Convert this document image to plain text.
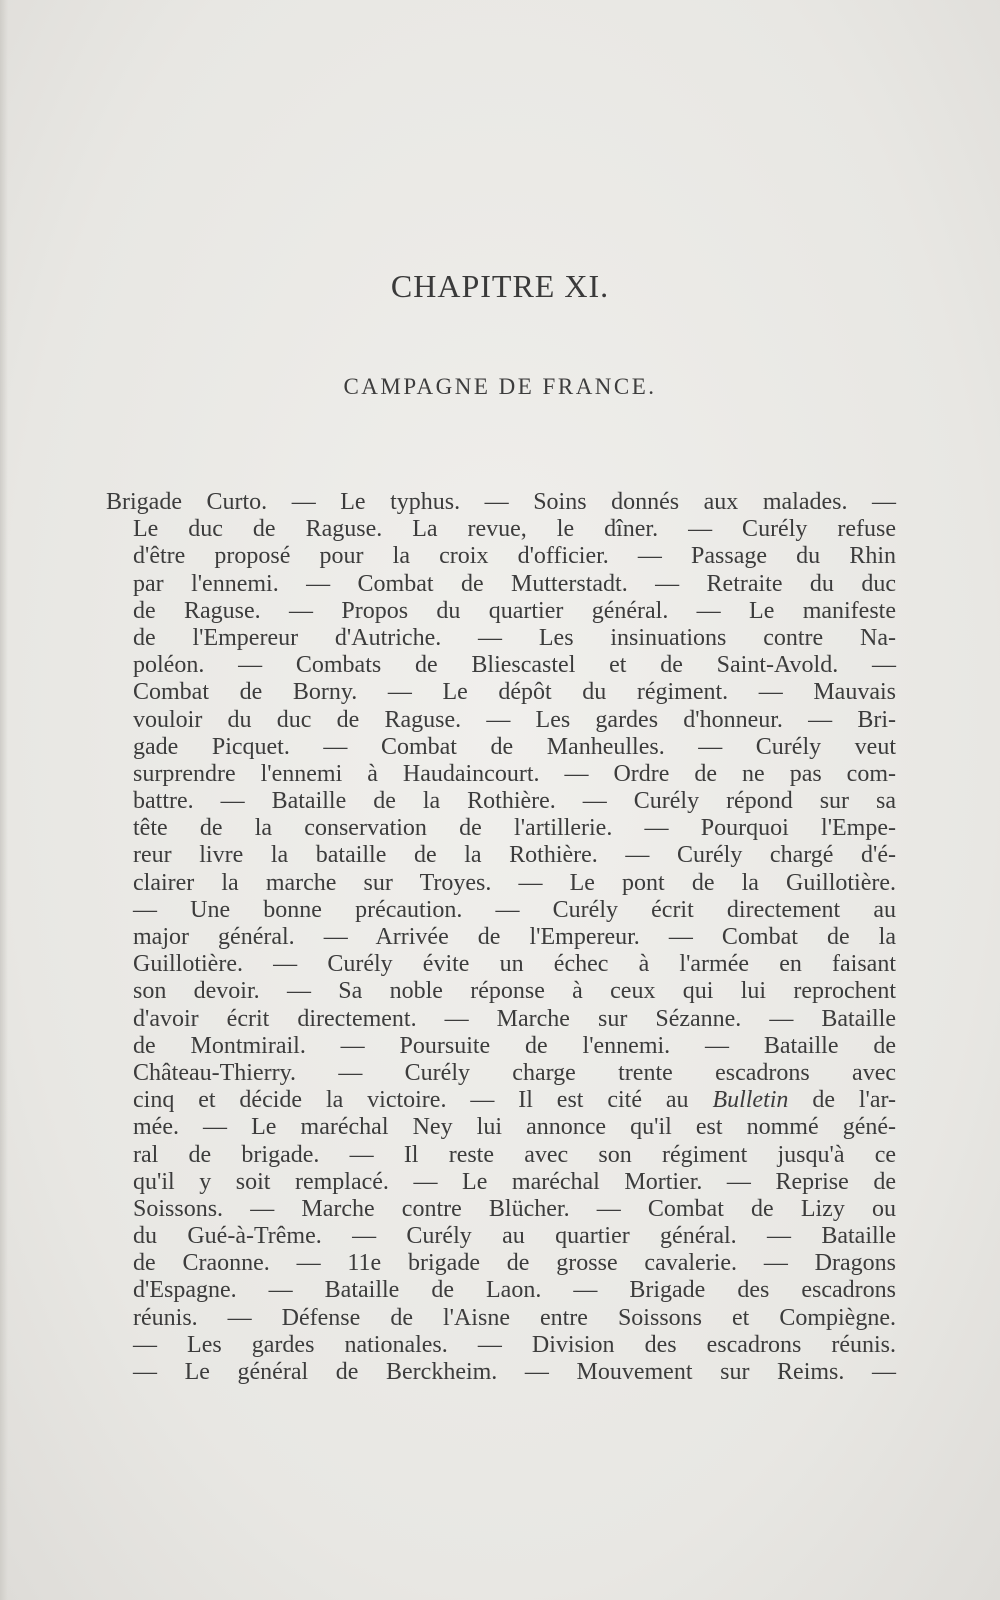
CHAPITRE XI.
CAMPAGNE DE FRANCE.
Brigade Curto. — Le typhus. — Soins donnés aux malades. —
Le duc de Raguse. La revue, le dîner. — Curély refuse
d'être proposé pour la croix d'officier. — Passage du Rhin
par l'ennemi. — Combat de Mutterstadt. — Retraite du duc
de Raguse. — Propos du quartier général. — Le manifeste
de l'Empereur d'Autriche. — Les insinuations contre Na-
poléon. — Combats de Bliescastel et de Saint-Avold. —
Combat de Borny. — Le dépôt du régiment. — Mauvais
vouloir du duc de Raguse. — Les gardes d'honneur. — Bri-
gade Picquet. — Combat de Manheulles. — Curély veut
surprendre l'ennemi à Haudaincourt. — Ordre de ne pas com-
battre. — Bataille de la Rothière. — Curély répond sur sa
tête de la conservation de l'artillerie. — Pourquoi l'Empe-
reur livre la bataille de la Rothière. — Curély chargé d'é-
clairer la marche sur Troyes. — Le pont de la Guillotière.
— Une bonne précaution. — Curély écrit directement au
major général. — Arrivée de l'Empereur. — Combat de la
Guillotière. — Curély évite un échec à l'armée en faisant
son devoir. — Sa noble réponse à ceux qui lui reprochent
d'avoir écrit directement. — Marche sur Sézanne. — Bataille
de Montmirail. — Poursuite de l'ennemi. — Bataille de
Château-Thierry. — Curély charge trente escadrons avec
cinq et décide la victoire. — Il est cité au Bulletin de l'ar-
mée. — Le maréchal Ney lui annonce qu'il est nommé géné-
ral de brigade. — Il reste avec son régiment jusqu'à ce
qu'il y soit remplacé. — Le maréchal Mortier. — Reprise de
Soissons. — Marche contre Blücher. — Combat de Lizy ou
du Gué-à-Trême. — Curély au quartier général. — Bataille
de Craonne. — 11e brigade de grosse cavalerie. — Dragons
d'Espagne. — Bataille de Laon. — Brigade des escadrons
réunis. — Défense de l'Aisne entre Soissons et Compiègne.
— Les gardes nationales. — Division des escadrons réunis.
— Le général de Berckheim. — Mouvement sur Reims. —
